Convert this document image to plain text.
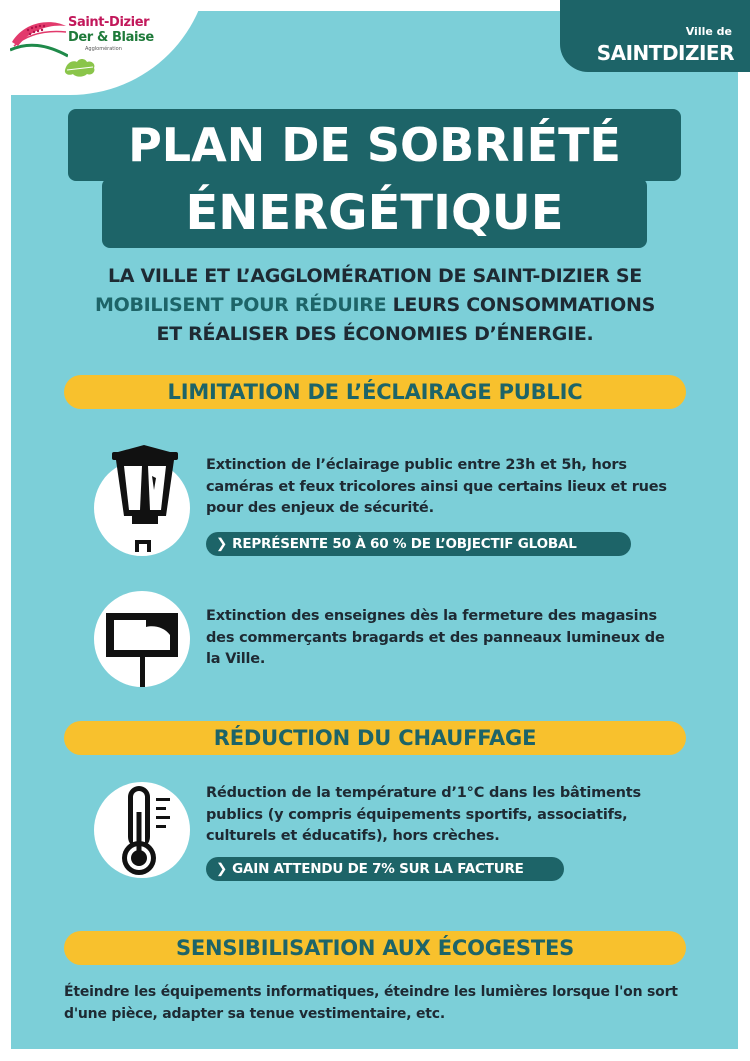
Saint-Dizier
Der & Blaise
Agglomération
Ville de
SAINTDIZIER
PLAN DE SOBRIÉTÉ
ÉNERGÉTIQUE
LA VILLE ET L’AGGLOMÉRATION DE SAINT-DIZIER SE
MOBILISENT POUR RÉDUIRE LEURS CONSOMMATIONS
ET RÉALISER DES ÉCONOMIES D’ÉNERGIE.
LIMITATION DE L’ÉCLAIRAGE PUBLIC
Extinction de l’éclairage public entre 23h et 5h, hors caméras et feux tricolores ainsi que certains lieux et rues pour des enjeux de sécurité.
❯ REPRÉSENTE 50 À 60 % DE L’OBJECTIF GLOBAL
Extinction des enseignes dès la fermeture des magasins des commerçants bragards et des panneaux lumineux de la Ville.
RÉDUCTION DU CHAUFFAGE
Réduction de la température d’1°C dans les bâtiments publics (y compris équipements sportifs, associatifs, culturels et éducatifs), hors crèches.
❯ GAIN ATTENDU DE 7% SUR LA FACTURE
SENSIBILISATION AUX ÉCOGESTES
Éteindre les équipements informatiques, éteindre les lumières lorsque l'on sort d'une pièce, adapter sa tenue vestimentaire, etc.
